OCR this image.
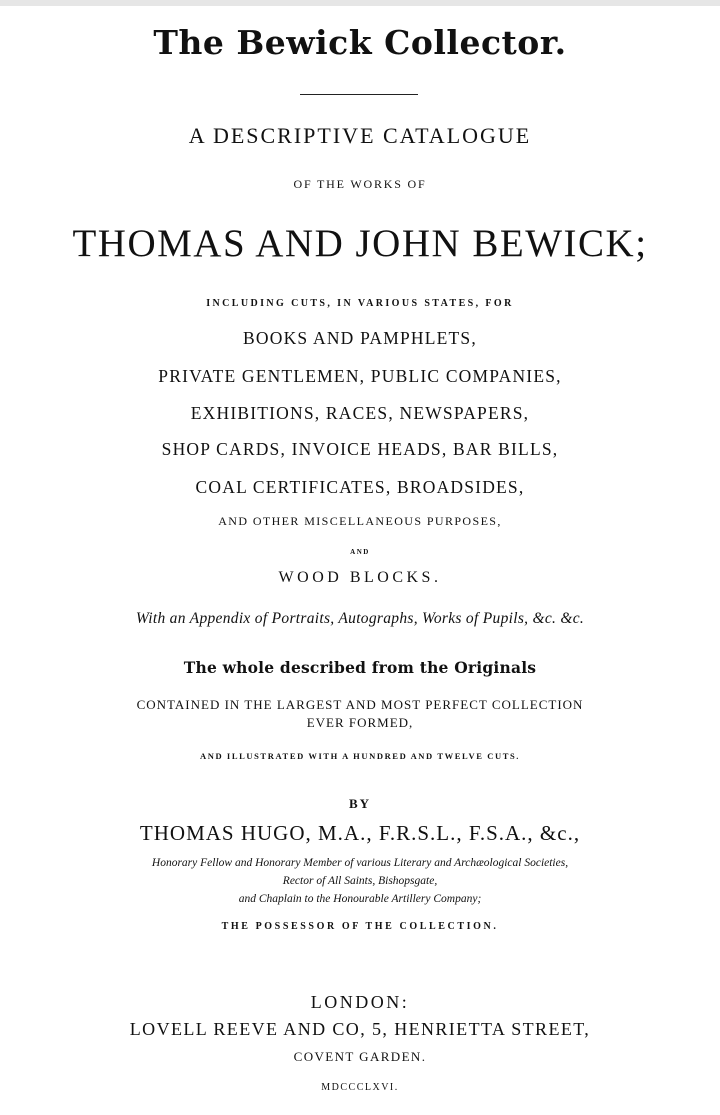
The Bewick Collector.
A DESCRIPTIVE CATALOGUE
OF THE WORKS OF
THOMAS AND JOHN BEWICK;
INCLUDING CUTS, IN VARIOUS STATES, FOR
BOOKS AND PAMPHLETS,
PRIVATE GENTLEMEN, PUBLIC COMPANIES,
EXHIBITIONS, RACES, NEWSPAPERS,
SHOP CARDS, INVOICE HEADS, BAR BILLS,
COAL CERTIFICATES, BROADSIDES,
AND OTHER MISCELLANEOUS PURPOSES,
AND
WOOD BLOCKS.
With an Appendix of Portraits, Autographs, Works of Pupils, &c. &c.
The whole described from the Originals
CONTAINED IN THE LARGEST AND MOST PERFECT COLLECTION
EVER FORMED,
AND ILLUSTRATED WITH A HUNDRED AND TWELVE CUTS.
BY
THOMAS HUGO, M.A., F.R.S.L., F.S.A., &c.,
Honorary Fellow and Honorary Member of various Literary and Archæological Societies,
Rector of All Saints, Bishopsgate,
and Chaplain to the Honourable Artillery Company;
THE POSSESSOR OF THE COLLECTION.
LONDON:
LOVELL REEVE AND CO, 5, HENRIETTA STREET,
COVENT GARDEN.
MDCCCLXVI.
